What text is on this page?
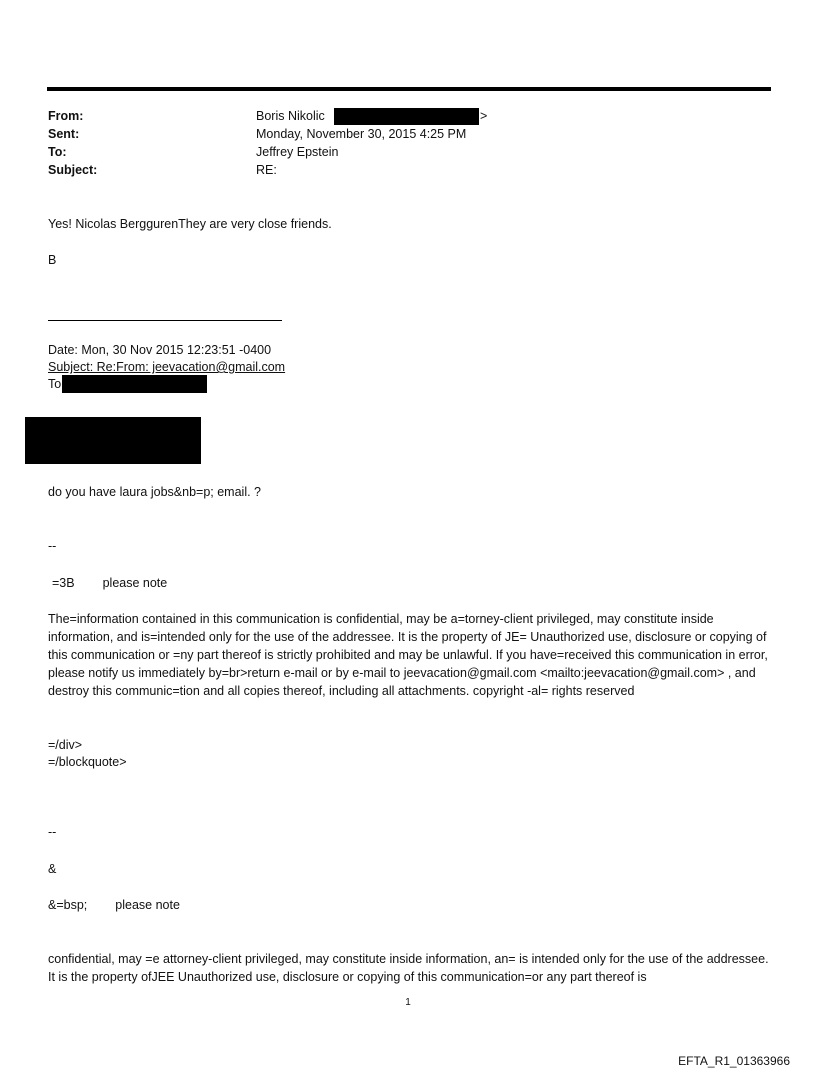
From:	Boris Nikolic	>
Sent:	Monday, November 30, 2015 4:25 PM
To:	Jeffrey Epstein
Subject:	RE:
Yes! Nicolas BerggurenThey are very close friends.
B
Date: Mon, 30 Nov 2015 12:23:51 -0400
Subject: Re:From: jeevacation@gmail.com
To
do you have laura jobs&nb=p; email. ?
--
=3B please note
The=information contained in this communication is confidential, may be a=torney-client privileged, may constitute inside information, and is=intended only for the use of the addressee. It is the property of JE= Unauthorized use, disclosure or copying of this communication or =ny part thereof is strictly prohibited and may be unlawful. If you have=received this communication in error, please notify us immediately by=br>return e-mail or by e-mail to jeevacation@gmail.com <mailto:jeevacation@gmail.com> , and destroy this communic=tion and all copies thereof, including all attachments. copyright -al= rights reserved
=/div>
=/blockquote>
--
&
&=bsp; please note
confidential, may =e attorney-client privileged, may constitute inside information, an= is intended only for the use of the addressee. It is the property ofJEE Unauthorized use, disclosure or copying of this communication=or any part thereof is
1
EFTA_R1_01363966
